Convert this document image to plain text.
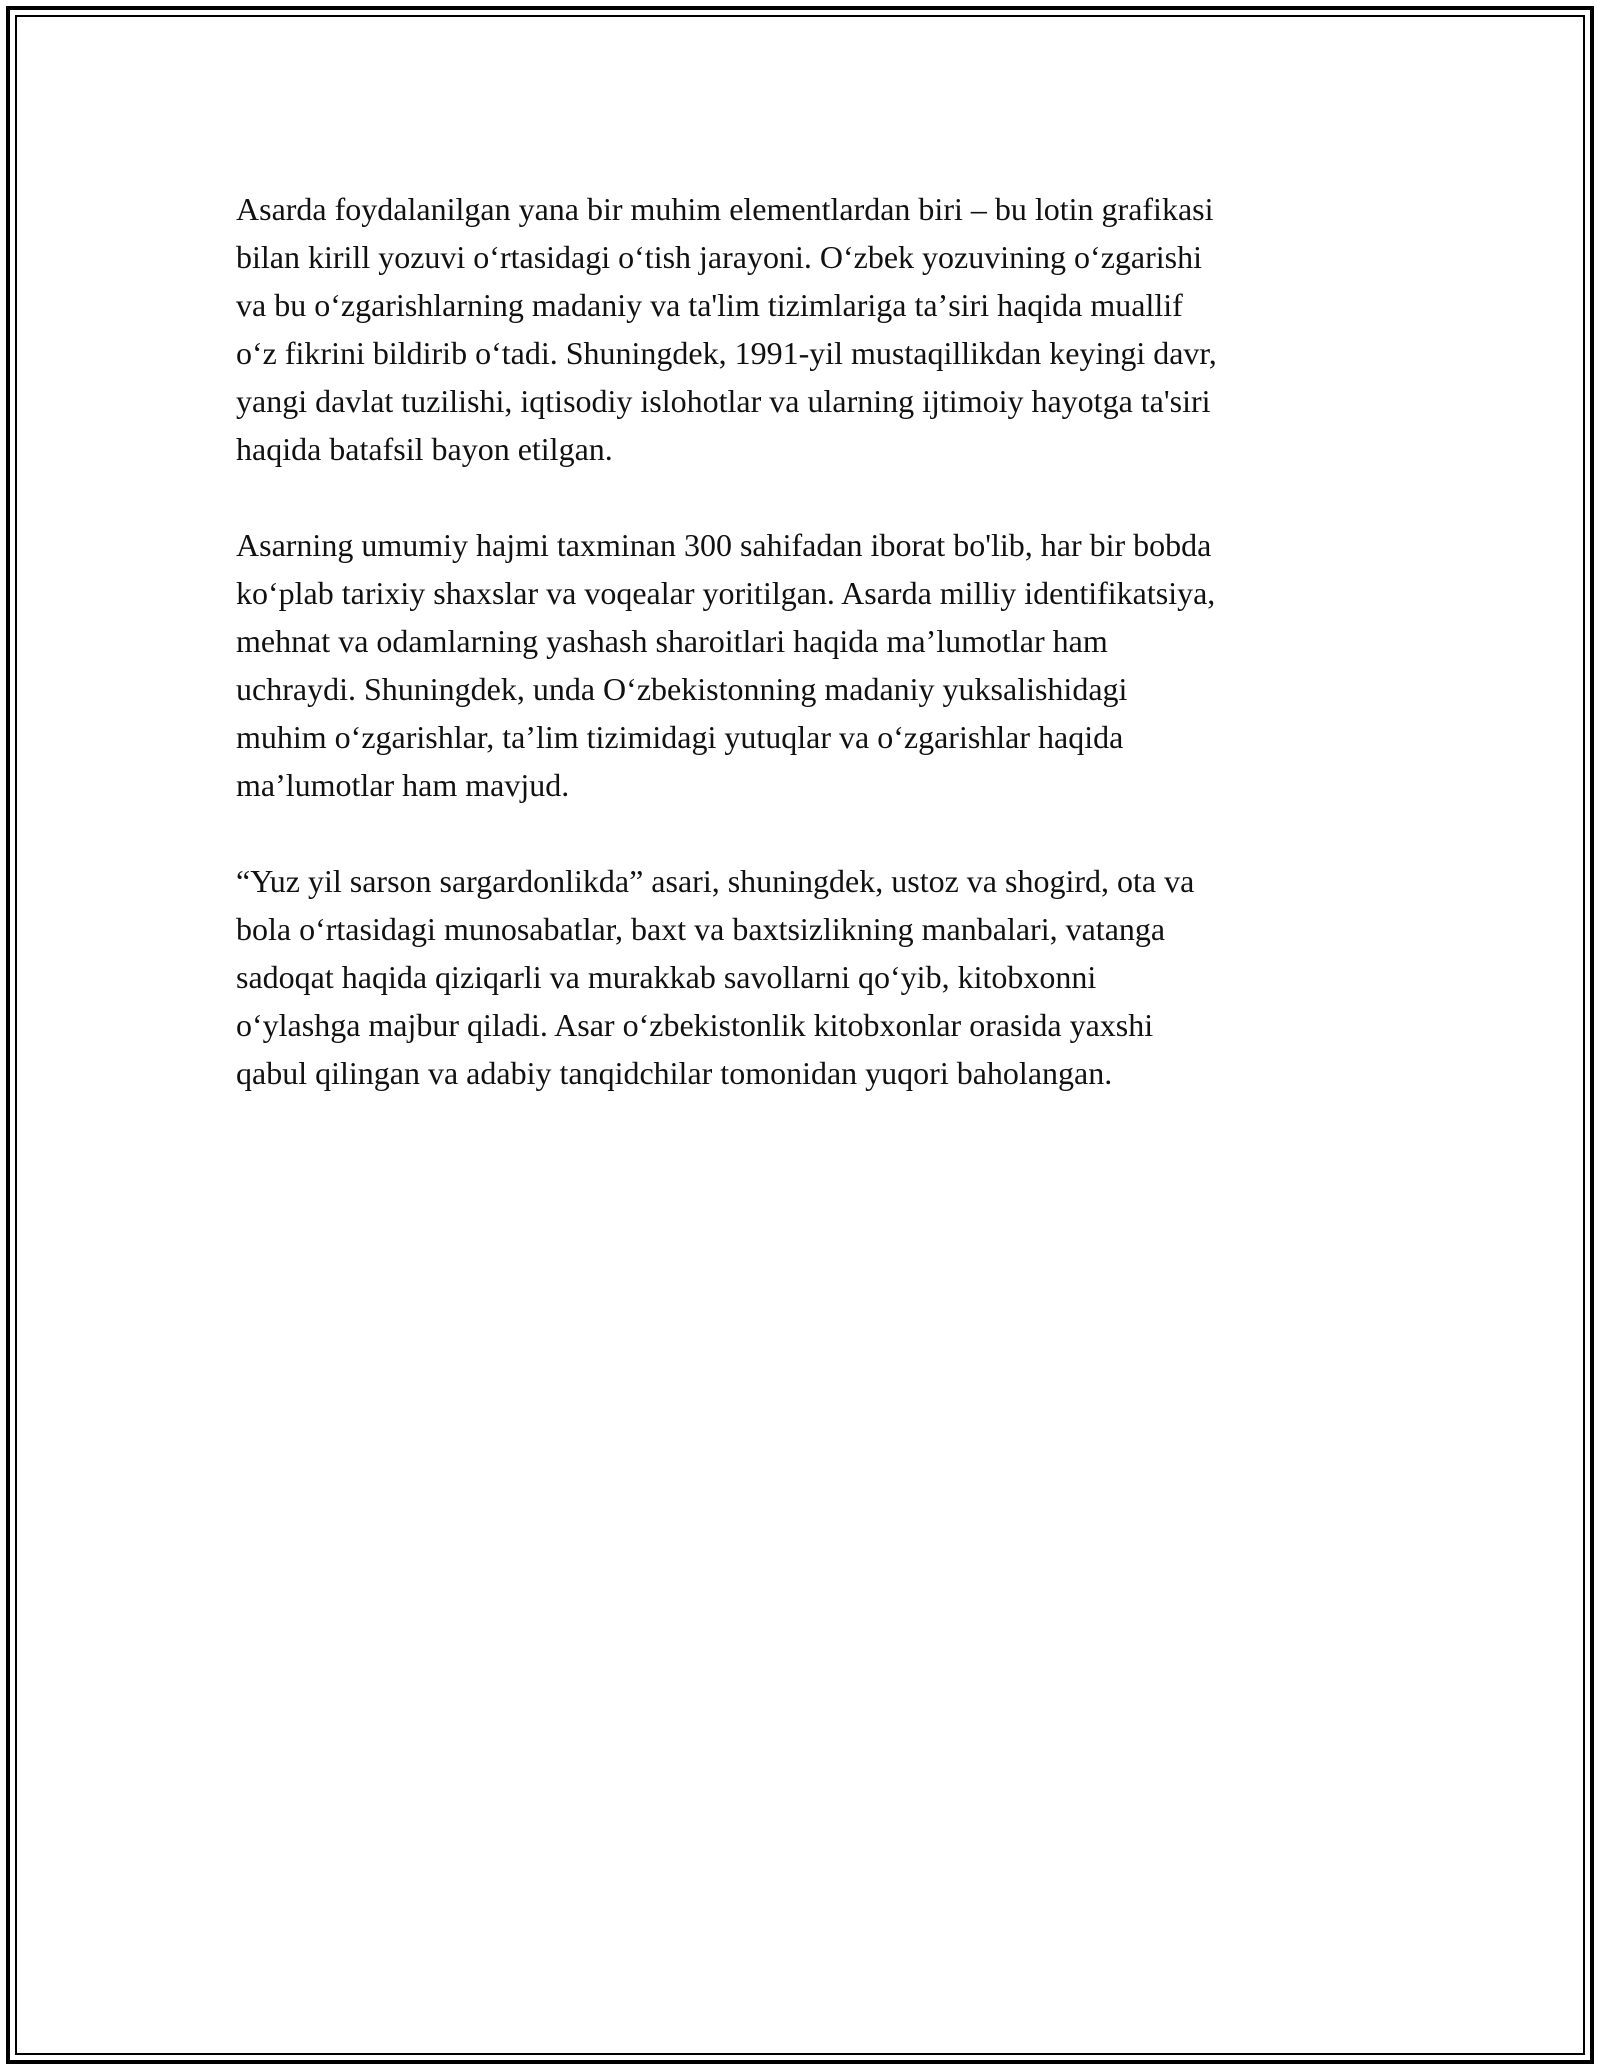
Asarda foydalanilgan yana bir muhim elementlardan biri – bu lotin grafikasi
bilan kirill yozuvi oʻrtasidagi oʻtish jarayoni. Oʻzbek yozuvining oʻzgarishi
va bu oʻzgarishlarning madaniy va ta'lim tizimlariga taʼsiri haqida muallif
oʻz fikrini bildirib oʻtadi. Shuningdek, 1991-yil mustaqillikdan keyingi davr,
yangi davlat tuzilishi, iqtisodiy islohotlar va ularning ijtimoiy hayotga ta'siri
haqida batafsil bayon etilgan.

Asarning umumiy hajmi taxminan 300 sahifadan iborat bo'lib, har bir bobda
koʻplab tarixiy shaxslar va voqealar yoritilgan. Asarda milliy identifikatsiya,
mehnat va odamlarning yashash sharoitlari haqida maʼlumotlar ham
uchraydi. Shuningdek, unda Oʻzbekistonning madaniy yuksalishidagi
muhim oʻzgarishlar, taʼlim tizimidagi yutuqlar va oʻzgarishlar haqida
maʼlumotlar ham mavjud.

“Yuz yil sarson sargardonlikda” asari, shuningdek, ustoz va shogird, ota va
bola oʻrtasidagi munosabatlar, baxt va baxtsizlikning manbalari, vatanga
sadoqat haqida qiziqarli va murakkab savollarni qoʻyib, kitobxonni
oʻylashga majbur qiladi. Asar oʻzbekistonlik kitobxonlar orasida yaxshi
qabul qilingan va adabiy tanqidchilar tomonidan yuqori baholangan.
